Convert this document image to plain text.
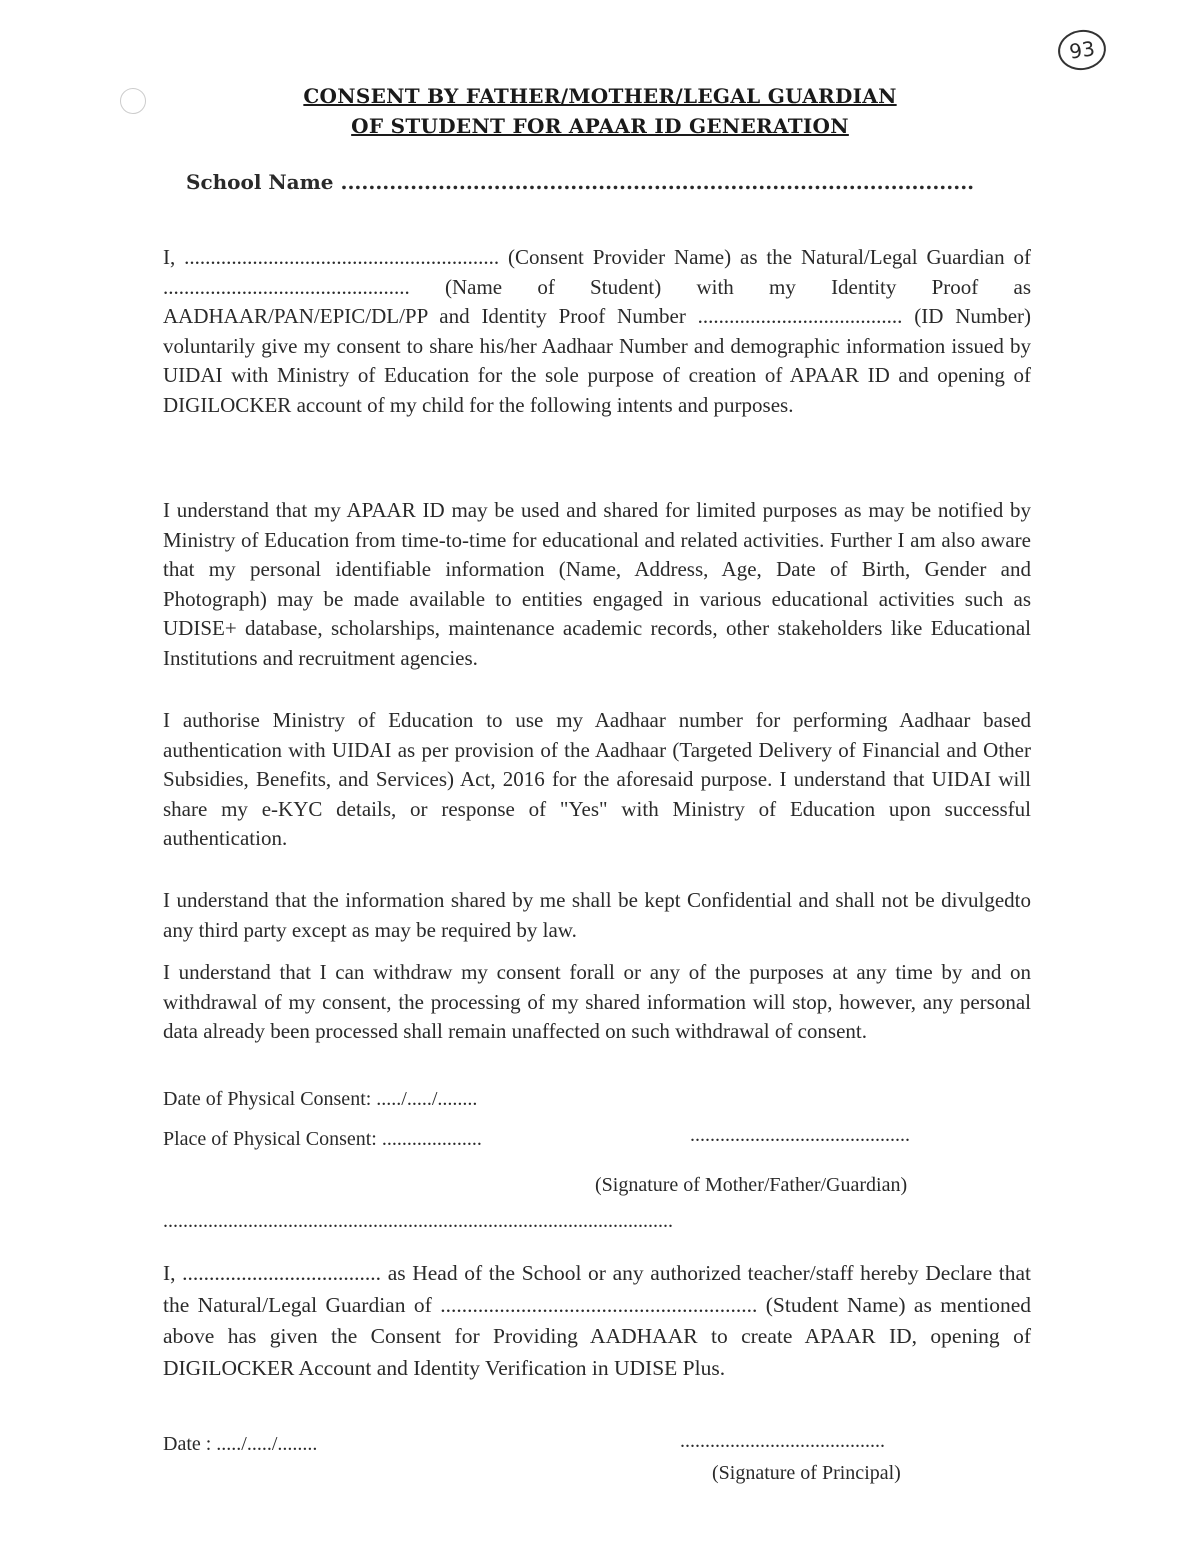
93
CONSENT BY FATHER/MOTHER/LEGAL GUARDIAN
OF STUDENT FOR APAAR ID GENERATION
School Name ...........................................................................................
I, ............................................................ (Consent Provider Name) as the Natural/Legal Guardian of ............................................... (Name of Student) with my Identity Proof as AADHAAR/PAN/EPIC/DL/PP and Identity Proof Number ....................................... (ID Number) voluntarily give my consent to share his/her Aadhaar Number and demographic information issued by UIDAI with Ministry of Education for the sole purpose of creation of APAAR ID and opening of DIGILOCKER account of my child for the following intents and purposes.
I understand that my APAAR ID may be used and shared for limited purposes as may be notified by Ministry of Education from time-to-time for educational and related activities. Further I am also aware that my personal identifiable information (Name, Address, Age, Date of Birth, Gender and Photograph) may be made available to entities engaged in various educational activities such as UDISE+ database, scholarships, maintenance academic records, other stakeholders like Educational Institutions and recruitment agencies.
I authorise Ministry of Education to use my Aadhaar number for performing Aadhaar based authentication with UIDAI as per provision of the Aadhaar (Targeted Delivery of Financial and Other Subsidies, Benefits, and Services) Act, 2016 for the aforesaid purpose. I understand that UIDAI will share my e-KYC details, or response of "Yes" with Ministry of Education upon successful authentication.
I understand that the information shared by me shall be kept Confidential and shall not be divulgedto any third party except as may be required by law.
I understand that I can withdraw my consent forall or any of the purposes at any time by and on withdrawal of my consent, the processing of my shared information will stop, however, any personal data already been processed shall remain unaffected on such withdrawal of consent.
Date of Physical Consent: ...../...../........
Place of Physical Consent: ....................	............................................
(Signature of Mother/Father/Guardian)
......................................................................................................
I, ..................................... as Head of the School or any authorized teacher/staff hereby Declare that the Natural/Legal Guardian of ........................................................... (Student Name) as mentioned above has given the Consent for Providing AADHAAR to create APAAR ID, opening of DIGILOCKER Account and Identity Verification in UDISE Plus.
Date : ...../...../........	.........................................
(Signature of Principal)
